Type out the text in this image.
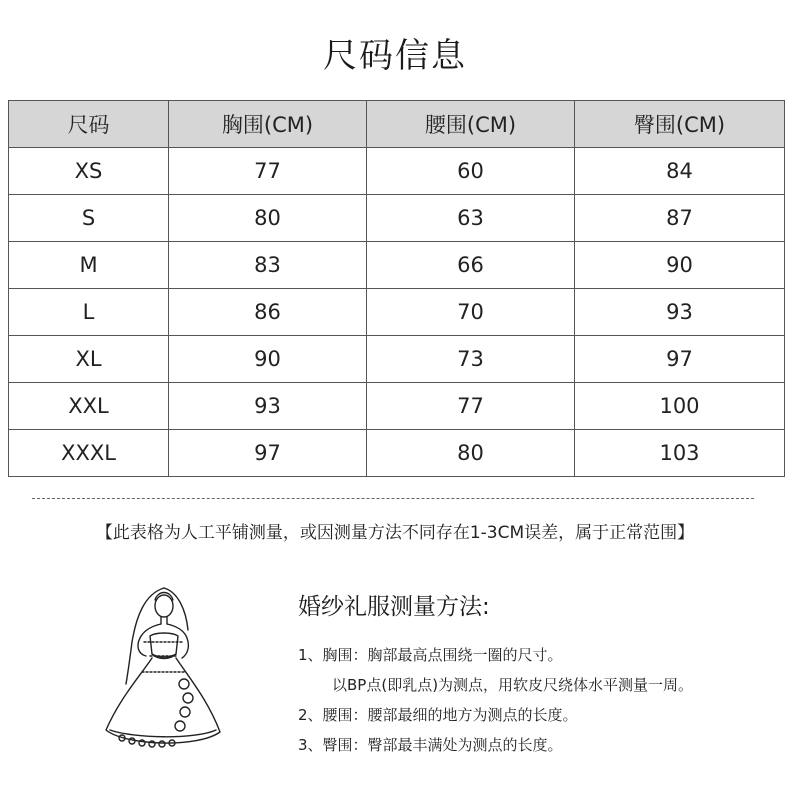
尺码信息
尺码	胸围(CM)	腰围(CM)	臀围(CM)
XS	77	60	84
S	80	63	87
M	83	66	90
L	86	70	93
XL	90	73	97
XXL	93	77	100
XXXL	97	80	103
【此表格为人工平铺测量，或因测量方法不同存在1-3CM误差，属于正常范围】
婚纱礼服测量方法:
1、胸围：胸部最高点围绕一圈的尺寸。
以BP点(即乳点)为测点，用软皮尺绕体水平测量一周。
2、腰围：腰部最细的地方为测点的长度。
3、臀围：臀部最丰满处为测点的长度。
